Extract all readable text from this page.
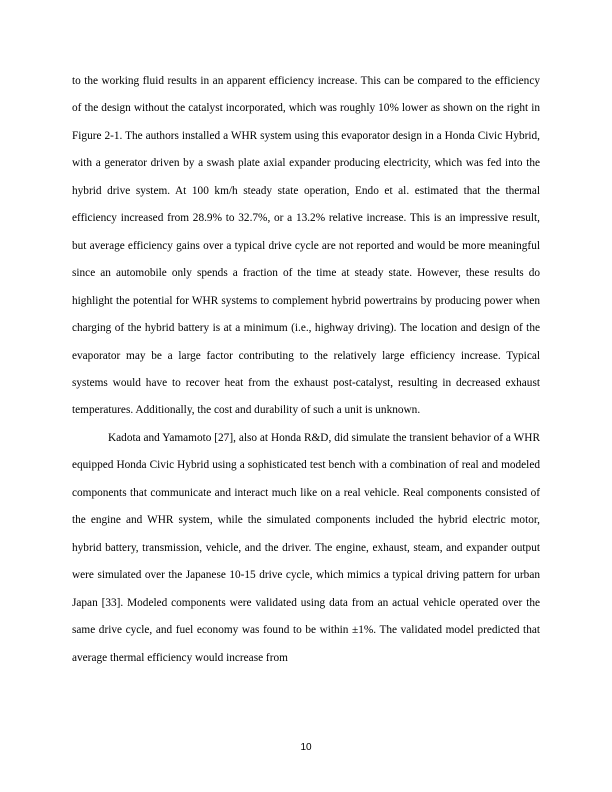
to the working fluid results in an apparent efficiency increase. This can be compared to the efficiency of the design without the catalyst incorporated, which was roughly 10% lower as shown on the right in Figure 2-1. The authors installed a WHR system using this evaporator design in a Honda Civic Hybrid, with a generator driven by a swash plate axial expander producing electricity, which was fed into the hybrid drive system. At 100 km/h steady state operation, Endo et al. estimated that the thermal efficiency increased from 28.9% to 32.7%, or a 13.2% relative increase. This is an impressive result, but average efficiency gains over a typical drive cycle are not reported and would be more meaningful since an automobile only spends a fraction of the time at steady state. However, these results do highlight the potential for WHR systems to complement hybrid powertrains by producing power when charging of the hybrid battery is at a minimum (i.e., highway driving). The location and design of the evaporator may be a large factor contributing to the relatively large efficiency increase. Typical systems would have to recover heat from the exhaust post-catalyst, resulting in decreased exhaust temperatures. Additionally, the cost and durability of such a unit is unknown.

Kadota and Yamamoto [27], also at Honda R&D, did simulate the transient behavior of a WHR equipped Honda Civic Hybrid using a sophisticated test bench with a combination of real and modeled components that communicate and interact much like on a real vehicle. Real components consisted of the engine and WHR system, while the simulated components included the hybrid electric motor, hybrid battery, transmission, vehicle, and the driver. The engine, exhaust, steam, and expander output were simulated over the Japanese 10-15 drive cycle, which mimics a typical driving pattern for urban Japan [33]. Modeled components were validated using data from an actual vehicle operated over the same drive cycle, and fuel economy was found to be within ±1%. The validated model predicted that average thermal efficiency would increase from

10
